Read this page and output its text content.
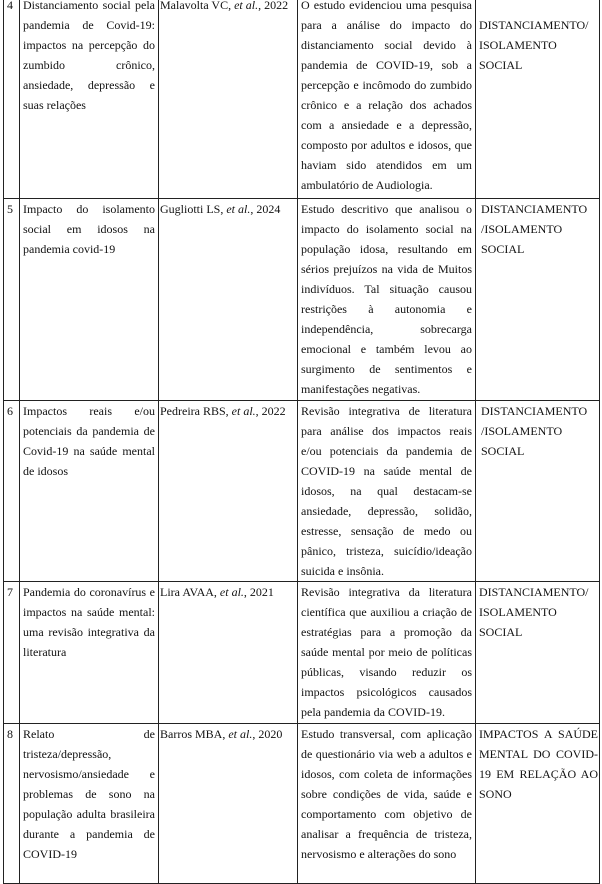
4	Distanciamento social pela pandemia de Covid-19: impactos na percepção do zumbido crônico, ansiedade, depressão e suas relações	Malavolta VC, et al., 2022	O estudo evidenciou uma pesquisa para a análise do impacto do distanciamento social devido à pandemia de COVID-19, sob a percepção e incômodo do zumbido crônico e a relação dos achados com a ansiedade e a depressão, composto por adultos e idosos, que haviam sido atendidos em um ambulatório de Audiologia.	DISTANCIAMENTO/ ISOLAMENTO SOCIAL
5	Impacto do isolamento social em idosos na pandemia covid-19	Gugliotti LS, et al., 2024	Estudo descritivo que analisou o impacto do isolamento social na população idosa, resultando em sérios prejuízos na vida de Muitos indivíduos. Tal situação causou restrições à autonomia e independência, sobrecarga emocional e também levou ao surgimento de sentimentos e manifestações negativas.	DISTANCIAMENTO /ISOLAMENTO SOCIAL
6	Impactos reais e/ou potenciais da pandemia de Covid-19 na saúde mental de idosos	Pedreira RBS, et al., 2022	Revisão integrativa de literatura para análise dos impactos reais e/ou potenciais da pandemia de COVID-19 na saúde mental de idosos, na qual destacam-se ansiedade, depressão, solidão, estresse, sensação de medo ou pânico, tristeza, suicídio/ideação suicida e insônia.	DISTANCIAMENTO /ISOLAMENTO SOCIAL
7	Pandemia do coronavírus e impactos na saúde mental: uma revisão integrativa da literatura	Lira AVAA, et al., 2021	Revisão integrativa da literatura científica que auxiliou a criação de estratégias para a promoção da saúde mental por meio de políticas públicas, visando reduzir os impactos psicológicos causados pela pandemia da COVID-19.	DISTANCIAMENTO/ ISOLAMENTO SOCIAL
8	Relato de tristeza/depressão, nervosismo/ansiedade e problemas de sono na população adulta brasileira durante a pandemia de COVID-19	Barros MBA, et al., 2020	Estudo transversal, com aplicação de questionário via web a adultos e idosos, com coleta de informações sobre condições de vida, saúde e comportamento com objetivo de analisar a frequência de tristeza, nervosismo e alterações do sono	IMPACTOS A SAÚDE MENTAL DO COVID-19 EM RELAÇÃO AO SONO
